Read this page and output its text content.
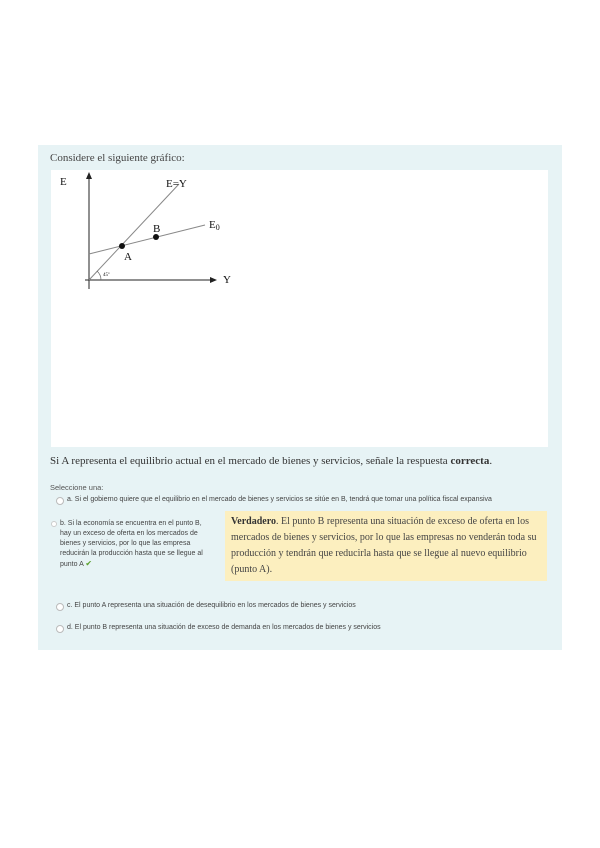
Considere el siguiente gráfico:
E
Y
E=Y
E0
A
B
45º
Si A representa el equilibrio actual en el mercado de bienes y servicios, señale la respuesta correcta.
Seleccione una:
a. Si el gobierno quiere que el equilibrio en el mercado de bienes y servicios se sitúe en B, tendrá que tomar una política fiscal expansiva
b. Si la economía se encuentra en el punto B, hay un exceso de oferta en los mercados de bienes y servicios, por lo que las empresa reducirán la producción hasta que se llegue al punto A ✔
Verdadero. El punto B representa una situación de exceso de oferta en los mercados de bienes y servicios, por lo que las empresas no venderán toda su producción y tendrán que reducirla hasta que se llegue al nuevo equilibrio (punto A).
c. El punto A representa una situación de desequilibrio en los mercados de bienes y servicios
d. El punto B representa una situación de exceso de demanda en los mercados de bienes y servicios
